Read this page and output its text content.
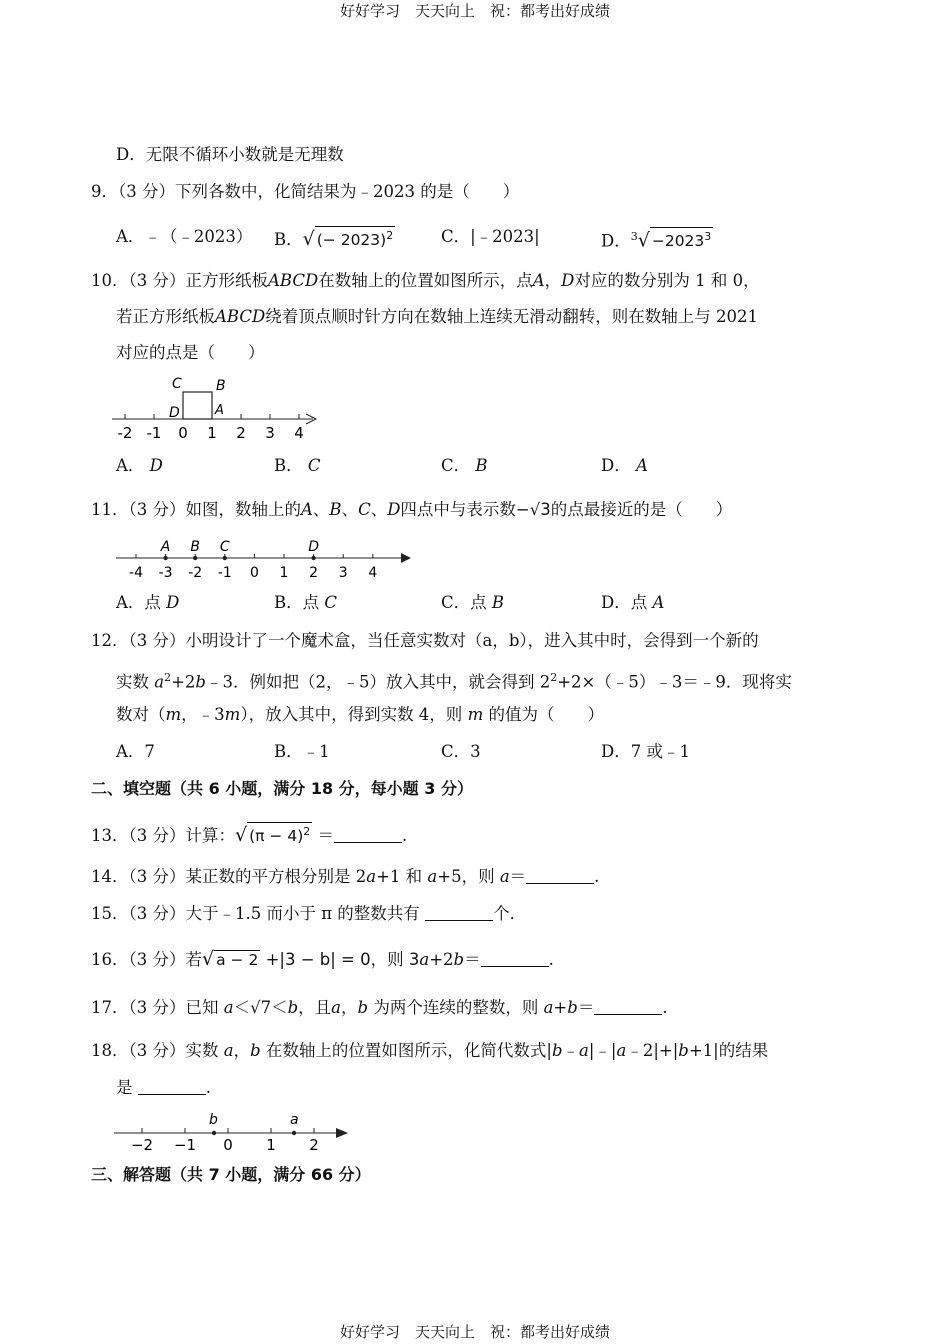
好好学习　天天向上　祝：都考出好成绩
D．无限不循环小数就是无理数
9．（3 分）下列各数中，化简结果为﹣2023 的是（　　）
A．﹣（﹣2023） B．√ (− 2023)$^2$	C．|﹣2023|	D．$^3√ -2023^3$
10．（3 分）正方形纸板ABCD在数轴上的位置如图所示，点A，D对应的数分别为 1 和 0，
若正方形纸板ABCD绕着顶点顺时针方向在数轴上连续无滑动翻转，则在数轴上与 2021
对应的点是（　　）
-2 -1 0 1 2 3 4
C B
D	A
A． D	B． C	C． B	D． A
11．（3 分）如图，数轴上的A、B、C、D四点中与表示数−√3的点最接近的是（　　）
-4 -3 -2 -1 0 1 2 3 4
A B C	D
A．点 D	B．点 C	C．点 B	D．点 A
12．（3 分）小明设计了一个魔术盒，当任意实数对（a，b），进入其中时，会得到一个新的
实数 $a^2+2b﹣3$．例如把（2，﹣5）放入其中，就会得到 $2^2+2\times(﹣5)﹣3=﹣9$．现将实
数对（m，﹣3m），放入其中，得到实数 4，则 m 的值为（　　）
A．7	B．﹣1	C．3	D．7 或﹣1
二、填空题（共 6 小题，满分 18 分，每小题 3 分）
13．（3 分）计算：√ $(\pi - 4)^2$ ＝	.
14．（3 分）某正数的平方根分别是 2a+1 和 a+5，则 a＝	.
15．（3 分）大于﹣1.5 而小于 π 的整数共有	个．
16．（3 分）若√ a − 2 +|3 − b| = 0，则 3a+2b＝	.
17．（3 分）已知 a＜√7＜b，且a，b 为两个连续的整数，则 a+b＝	.
18．（3 分）实数 a，b 在数轴上的位置如图所示，化简代数式|b﹣a|﹣|a﹣2|+|b+1|的结果
是	.
−2 −1 0 1 2
b	a
三、解答题（共 7 小题，满分 66 分）
好好学习　天天向上　祝：都考出好成绩
